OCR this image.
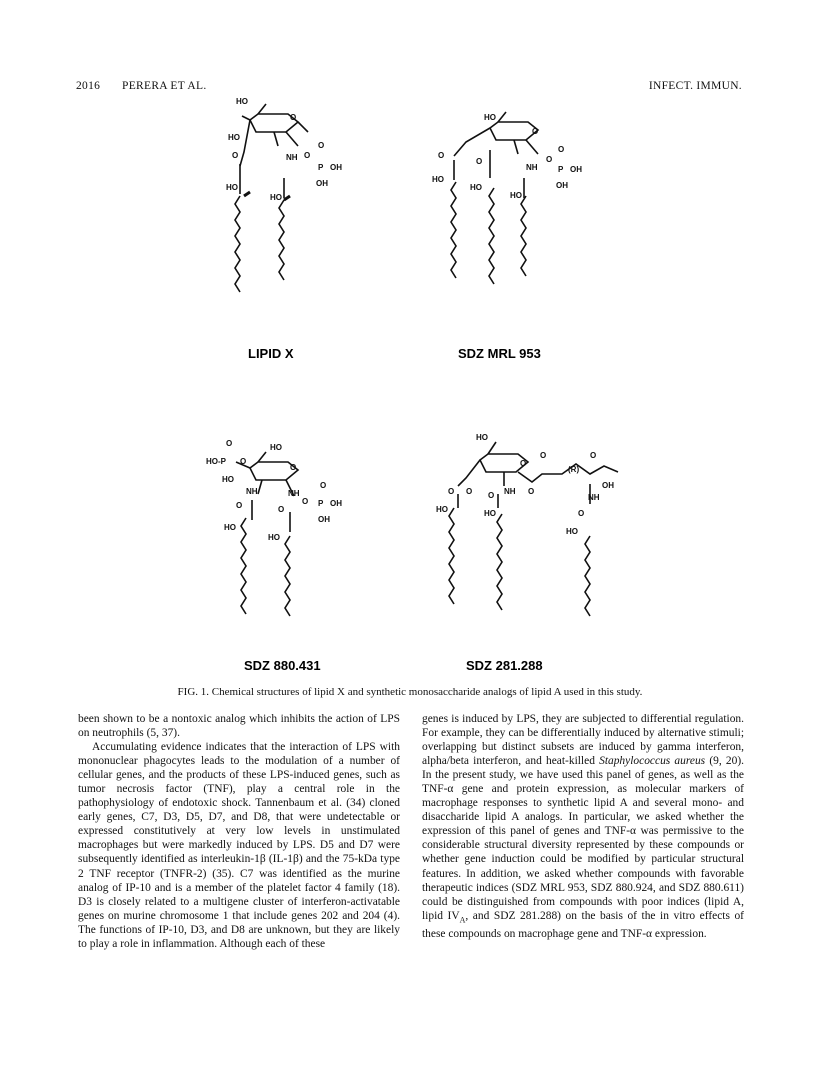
2016 PERERA ET AL.	INFECT. IMMUN.
HO
HO
O
O	NH O
O
P OH
OH
HO
HO
LIPID X
HO
O
O
O
NH
O
O
P OH
OH
HO
HO
HO
SDZ MRL 953
O
HO-P O
HO
HO
O
NH	NH
O	O
O
O
P OH
OH
HO
HO
SDZ 880.431
HO
O
O	NH O
O
(R)
O
OH
NH
O	O
O
HO	HO
HO
SDZ 281.288
FIG. 1. Chemical structures of lipid X and synthetic monosaccharide analogs of lipid A used in this study.

been shown to be a nontoxic analog which inhibits the action of LPS on neutrophils (5, 37).

Accumulating evidence indicates that the interaction of LPS with mononuclear phagocytes leads to the modulation of a number of cellular genes, and the products of these LPS-induced genes, such as tumor necrosis factor (TNF), play a central role in the pathophysiology of endotoxic shock. Tannenbaum et al. (34) cloned early genes, C7, D3, D5, D7, and D8, that were undetectable or expressed constitutively at very low levels in unstimulated macrophages but were markedly induced by LPS. D5 and D7 were subsequently identified as interleukin-1β (IL-1β) and the 75-kDa type 2 TNF receptor (TNFR-2) (35). C7 was identified as the murine analog of IP-10 and is a member of the platelet factor 4 family (18). D3 is closely related to a multigene cluster of interferon-activatable genes on murine chromosome 1 that include genes 202 and 204 (4). The functions of IP-10, D3, and D8 are unknown, but they are likely to play a role in inflammation. Although each of these

genes is induced by LPS, they are subjected to differential regulation. For example, they can be differentially induced by alternative stimuli; overlapping but distinct subsets are induced by gamma interferon, alpha/beta interferon, and heat-killed Staphylococcus aureus (9, 20). In the present study, we have used this panel of genes, as well as the TNF-α gene and protein expression, as molecular markers of macrophage responses to synthetic lipid A and several mono- and disaccharide lipid A analogs. In particular, we asked whether the expression of this panel of genes and TNF-α was permissive to the considerable structural diversity represented by these compounds or whether gene induction could be modified by particular structural features. In addition, we asked whether compounds with favorable therapeutic indices (SDZ MRL 953, SDZ 880.924, and SDZ 880.611) could be distinguished from compounds with poor indices (lipid A, lipid $IV_A$, and SDZ 281.288) on the basis of the in vitro effects of these compounds on macrophage gene and TNF-α expression.
